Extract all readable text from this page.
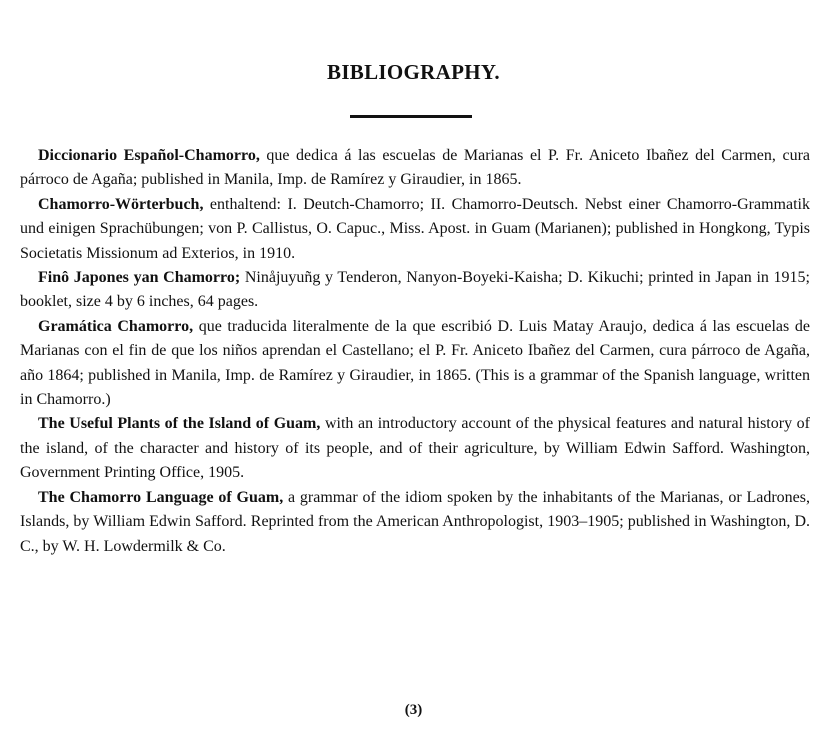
BIBLIOGRAPHY.

Diccionario Español-Chamorro, que dedica á las escuelas de Marianas el P. Fr. Aniceto Ibañez del Carmen, cura párroco de Agaña; published in Manila, Imp. de Ramírez y Giraudier, in 1865.

Chamorro-Wörterbuch, enthaltend: I. Deutch-Chamorro; II. Chamorro-Deutsch. Nebst einer Chamorro-Grammatik und einigen Sprachübungen; von P. Callistus, O. Capuc., Miss. Apost. in Guam (Marianen); published in Hongkong, Typis Societatis Missionum ad Exterios, in 1910.

Finô Japones yan Chamorro; Ninåjuyuñg y Tenderon, Nanyon-Boyeki-Kaisha; D. Kikuchi; printed in Japan in 1915; booklet, size 4 by 6 inches, 64 pages.

Gramática Chamorro, que traducida literalmente de la que escribió D. Luis Matay Araujo, dedica á las escuelas de Marianas con el fin de que los niños aprendan el Castellano; el P. Fr. Aniceto Ibañez del Carmen, cura párroco de Agaña, año 1864; published in Manila, Imp. de Ramírez y Giraudier, in 1865. (This is a grammar of the Spanish language, written in Chamorro.)

The Useful Plants of the Island of Guam, with an introductory account of the physical features and natural history of the island, of the character and history of its people, and of their agriculture, by William Edwin Safford. Washington, Government Printing Office, 1905.

The Chamorro Language of Guam, a grammar of the idiom spoken by the inhabitants of the Marianas, or Ladrones, Islands, by William Edwin Safford. Reprinted from the American Anthropologist, 1903–1905; published in Washington, D. C., by W. H. Lowdermilk & Co.

(3)
